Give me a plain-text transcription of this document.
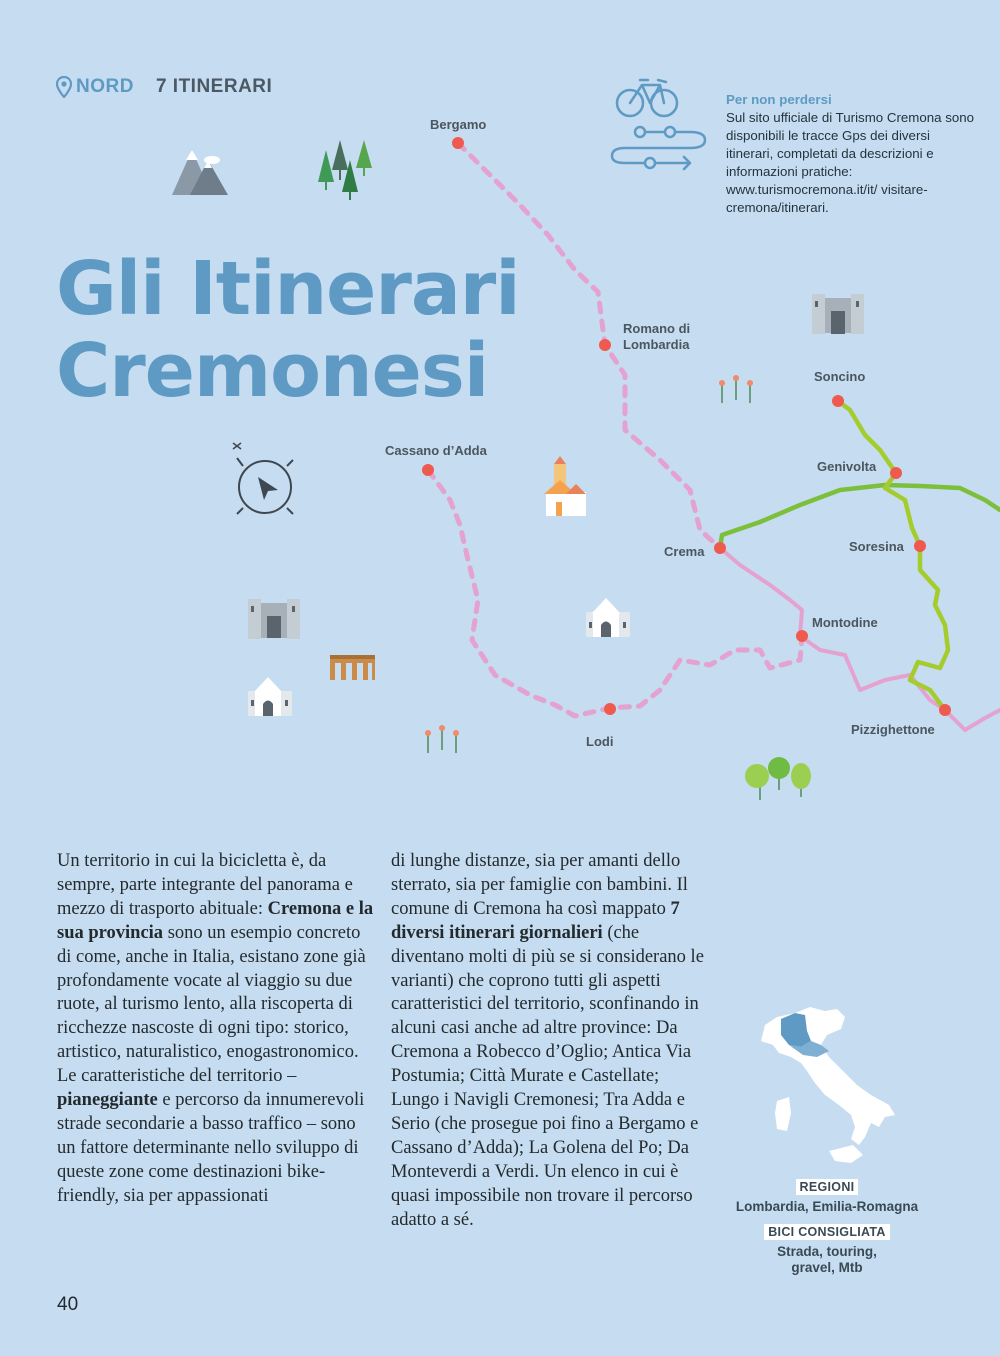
NORD 7 ITINERARI
Gli Itinerari
Cremonesi
Per non perdersi
Sul sito ufficiale di Turismo Cremona sono disponibili le tracce Gps dei diversi itinerari, completati da descrizioni e informazioni pratiche: www.turismocremona.it/it/ visitare-cremona/itinerari.
Bergamo
Romano di Lombardia
Soncino
Genivolta
Cassano d’Adda
Soresina
Crema
Montodine
Lodi
Pizzighettone
Un territorio in cui la bicicletta è, da sempre, parte integrante del panorama e mezzo di trasporto abituale: Cremona e la sua provincia sono un esempio concreto di come, anche in Italia, esistano zone già profondamente vocate al viaggio su due ruote, al turismo lento, alla riscoperta di ricchezze nascoste di ogni tipo: storico, artistico, naturalistico, enogastronomico. Le caratteristiche del territorio – pianeggiante e percorso da innumerevoli strade secondarie a basso traffico – sono un fattore determinante nello sviluppo di queste zone come destinazioni bike-friendly, sia per appassionati
di lunghe distanze, sia per amanti dello sterrato, sia per famiglie con bambini. Il comune di Cremona ha così mappato 7 diversi itinerari giornalieri (che diventano molti di più se si considerano le varianti) che coprono tutti gli aspetti caratteristici del territorio, sconfinando in alcuni casi anche ad altre province: Da Cremona a Robecco d’Oglio; Antica Via Postumia; Città Murate e Castellate; Lungo i Navigli Cremonesi; Tra Adda e Serio (che prosegue poi fino a Bergamo e Cassano d’Adda); La Golena del Po; Da Monteverdi a Verdi. Un elenco in cui è quasi impossibile non trovare il percorso adatto a sé.
REGIONI
Lombardia, Emilia-Romagna
BICI CONSIGLIATA
Strada, touring, gravel, Mtb
40
